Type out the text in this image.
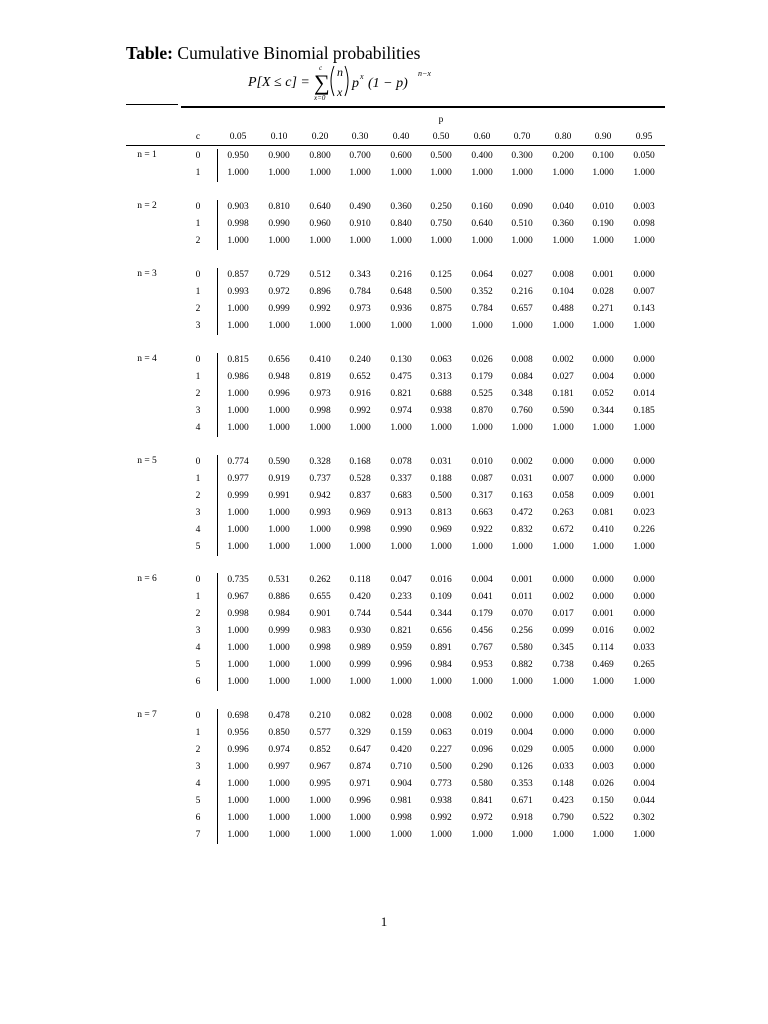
Table: Cumulative Binomial probabilities
P[X ≤ c] = ∑
c
x=0
n
x
p x (1 − p)
n−x
p
c	0.05	0.10	0.20	0.30	0.40	0.50	0.60	0.70	0.80	0.90	0.95
n = 1	0	0.950	0.900	0.800	0.700	0.600	0.500	0.400	0.300	0.200	0.100	0.050
1	1.000	1.000	1.000	1.000	1.000	1.000	1.000	1.000	1.000	1.000	1.000
n = 2	0	0.903	0.810	0.640	0.490	0.360	0.250	0.160	0.090	0.040	0.010	0.003
1	0.998	0.990	0.960	0.910	0.840	0.750	0.640	0.510	0.360	0.190	0.098
2	1.000	1.000	1.000	1.000	1.000	1.000	1.000	1.000	1.000	1.000	1.000
n = 3	0	0.857	0.729	0.512	0.343	0.216	0.125	0.064	0.027	0.008	0.001	0.000
1	0.993	0.972	0.896	0.784	0.648	0.500	0.352	0.216	0.104	0.028	0.007
2	1.000	0.999	0.992	0.973	0.936	0.875	0.784	0.657	0.488	0.271	0.143
3	1.000	1.000	1.000	1.000	1.000	1.000	1.000	1.000	1.000	1.000	1.000
n = 4	0	0.815	0.656	0.410	0.240	0.130	0.063	0.026	0.008	0.002	0.000	0.000
1	0.986	0.948	0.819	0.652	0.475	0.313	0.179	0.084	0.027	0.004	0.000
2	1.000	0.996	0.973	0.916	0.821	0.688	0.525	0.348	0.181	0.052	0.014
3	1.000	1.000	0.998	0.992	0.974	0.938	0.870	0.760	0.590	0.344	0.185
4	1.000	1.000	1.000	1.000	1.000	1.000	1.000	1.000	1.000	1.000	1.000
n = 5	0	0.774	0.590	0.328	0.168	0.078	0.031	0.010	0.002	0.000	0.000	0.000
1	0.977	0.919	0.737	0.528	0.337	0.188	0.087	0.031	0.007	0.000	0.000
2	0.999	0.991	0.942	0.837	0.683	0.500	0.317	0.163	0.058	0.009	0.001
3	1.000	1.000	0.993	0.969	0.913	0.813	0.663	0.472	0.263	0.081	0.023
4	1.000	1.000	1.000	0.998	0.990	0.969	0.922	0.832	0.672	0.410	0.226
5	1.000	1.000	1.000	1.000	1.000	1.000	1.000	1.000	1.000	1.000	1.000
n = 6	0	0.735	0.531	0.262	0.118	0.047	0.016	0.004	0.001	0.000	0.000	0.000
1	0.967	0.886	0.655	0.420	0.233	0.109	0.041	0.011	0.002	0.000	0.000
2	0.998	0.984	0.901	0.744	0.544	0.344	0.179	0.070	0.017	0.001	0.000
3	1.000	0.999	0.983	0.930	0.821	0.656	0.456	0.256	0.099	0.016	0.002
4	1.000	1.000	0.998	0.989	0.959	0.891	0.767	0.580	0.345	0.114	0.033
5	1.000	1.000	1.000	0.999	0.996	0.984	0.953	0.882	0.738	0.469	0.265
6	1.000	1.000	1.000	1.000	1.000	1.000	1.000	1.000	1.000	1.000	1.000
n = 7	0	0.698	0.478	0.210	0.082	0.028	0.008	0.002	0.000	0.000	0.000	0.000
1	0.956	0.850	0.577	0.329	0.159	0.063	0.019	0.004	0.000	0.000	0.000
2	0.996	0.974	0.852	0.647	0.420	0.227	0.096	0.029	0.005	0.000	0.000
3	1.000	0.997	0.967	0.874	0.710	0.500	0.290	0.126	0.033	0.003	0.000
4	1.000	1.000	0.995	0.971	0.904	0.773	0.580	0.353	0.148	0.026	0.004
5	1.000	1.000	1.000	0.996	0.981	0.938	0.841	0.671	0.423	0.150	0.044
6	1.000	1.000	1.000	1.000	0.998	0.992	0.972	0.918	0.790	0.522	0.302
7	1.000	1.000	1.000	1.000	1.000	1.000	1.000	1.000	1.000	1.000	1.000
1
